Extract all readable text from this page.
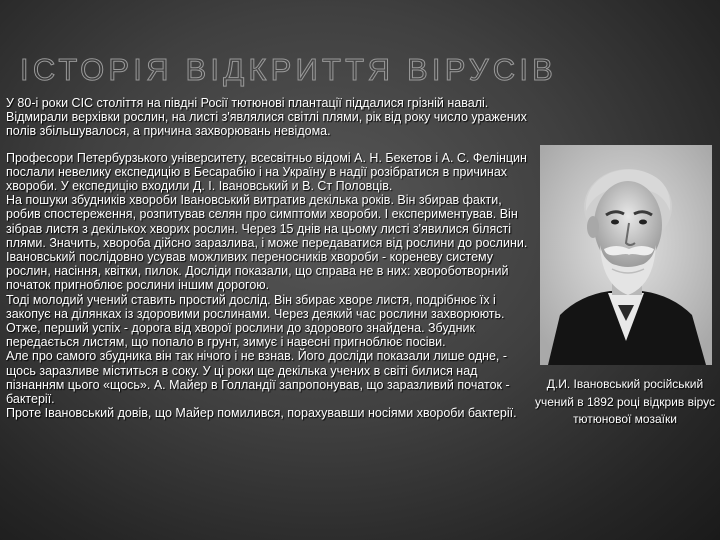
ІСТОРІЯ ВІДКРИТТЯ ВІРУСІВ

У 80-і роки СІС століття на півдні Росії тютюнові плантації піддалися грізній навалі. Відмирали верхівки рослин, на листі з'являлися світлі плями, рік від року число уражених полів збільшувалося, а причина захворювань невідома.

Професори Петербурзького університету, всесвітньо відомі А. Н. Бекетов і А. С. Фелінцин послали невелику експедицію в Бесарабію і на Україну в надії розібратися в причинах хвороби. У експедицію входили Д. І. Івановський и В. Ст Половців.

На пошуки збудників хвороби Івановський витратив декілька років. Він збирав факти, робив спостереження, розпитував селян про симптоми хвороби. І експериментував. Він зібрав листя з декількох хворих рослин. Через 15 днів на цьому листі з'явилися білясті плями. Значить, хвороба дійсно заразлива, і може передаватися від рослини до рослини. Івановський послідовно усував можливих переносників хвороби - кореневу систему рослин, насіння, квітки, пилок. Досліди показали, що справа не в них: хвороботворний початок пригноблює рослини іншим дорогою.

Тоді молодий учений ставить простий дослід. Він збирає хворе листя, подрібнює їх і закопує на ділянках із здоровими рослинами. Через деякий час рослини захворюють. Отже, перший успіх - дорога від хворої рослини до здорового знайдена. Збудник передається листям, що попало в грунт, зимує і навесні пригноблює посіви.

Але про самого збудника він так нічого і не взнав. Його досліди показали лише одне, - щось заразливе міститься в соку. У ці роки ще декілька учених в світі билися над пізнанням цього «щось». А. Майер в Голландії запропонував, що заразливий початок - бактерії.

Проте Івановський довів, що Майер помилився, порахувавши носіями хвороби бактерії.

Д.И. Івановський російський учений в 1892 році відкрив вірус тютюнової мозаїки
